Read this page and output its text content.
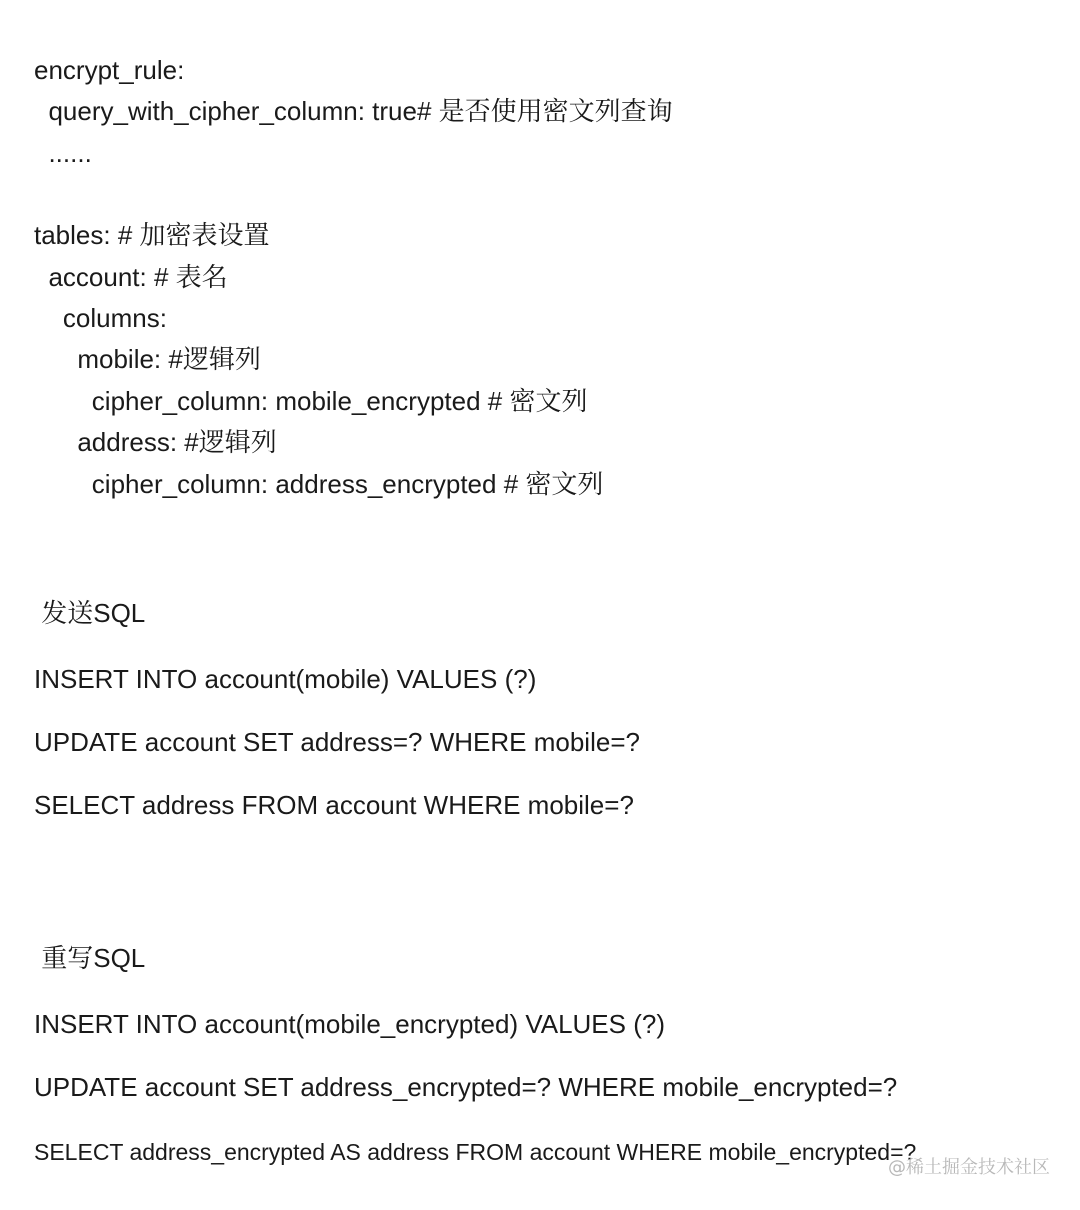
encrypt_rule:
query_with_cipher_column: true# 是否使用密文列查询
......
tables: # 加密表设置
account: # 表名
columns:
mobile: #逻辑列
cipher_column: mobile_encrypted # 密文列
address: #逻辑列
cipher_column: address_encrypted # 密文列
发送SQL
INSERT INTO account(mobile) VALUES (?)
UPDATE account SET address=? WHERE mobile=?
SELECT address FROM account WHERE mobile=?
重写SQL
INSERT INTO account(mobile_encrypted) VALUES (?)
UPDATE account SET address_encrypted=? WHERE mobile_encrypted=?
SELECT address_encrypted AS address FROM account WHERE mobile_encrypted=?
@稀土掘金技术社区
